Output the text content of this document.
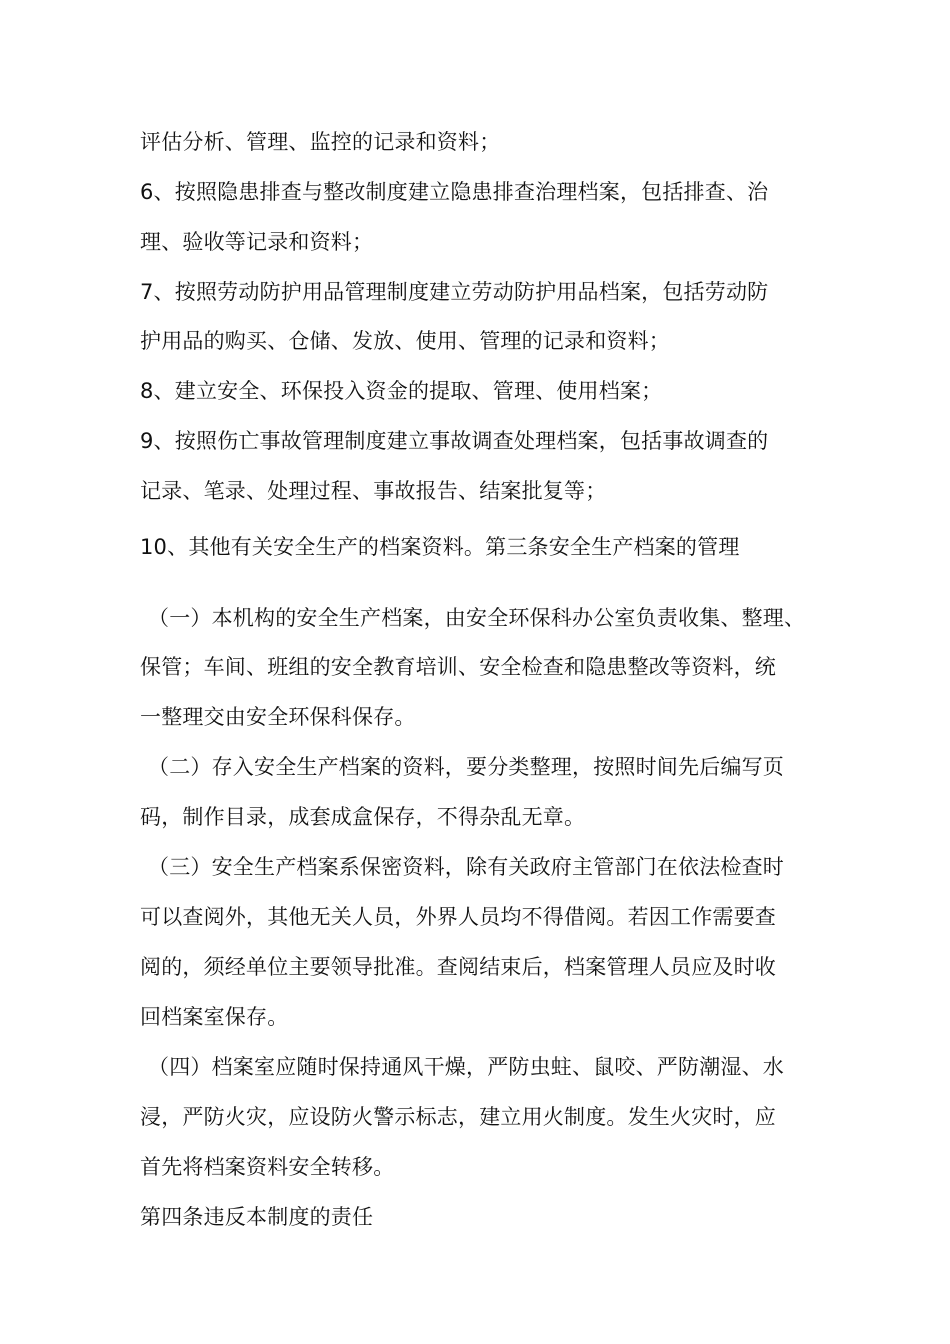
评估分析、管理、监控的记录和资料；
6、按照隐患排查与整改制度建立隐患排查治理档案，包括排查、治
理、验收等记录和资料；
7、按照劳动防护用品管理制度建立劳动防护用品档案，包括劳动防
护用品的购买、仓储、发放、使用、管理的记录和资料；
8、建立安全、环保投入资金的提取、管理、使用档案；
9、按照伤亡事故管理制度建立事故调查处理档案，包括事故调查的
记录、笔录、处理过程、事故报告、结案批复等；
10、其他有关安全生产的档案资料。第三条安全生产档案的管理
（一）本机构的安全生产档案，由安全环保科办公室负责收集、整理、
保管；车间、班组的安全教育培训、安全检查和隐患整改等资料，统
一整理交由安全环保科保存。
（二）存入安全生产档案的资料，要分类整理，按照时间先后编写页
码，制作目录，成套成盒保存，不得杂乱无章。
（三）安全生产档案系保密资料，除有关政府主管部门在依法检查时
可以查阅外，其他无关人员，外界人员均不得借阅。若因工作需要查
阅的，须经单位主要领导批准。查阅结束后，档案管理人员应及时收
回档案室保存。
（四）档案室应随时保持通风干燥，严防虫蛀、鼠咬、严防潮湿、水
浸，严防火灾，应设防火警示标志，建立用火制度。发生火灾时，应
首先将档案资料安全转移。
第四条违反本制度的责任
